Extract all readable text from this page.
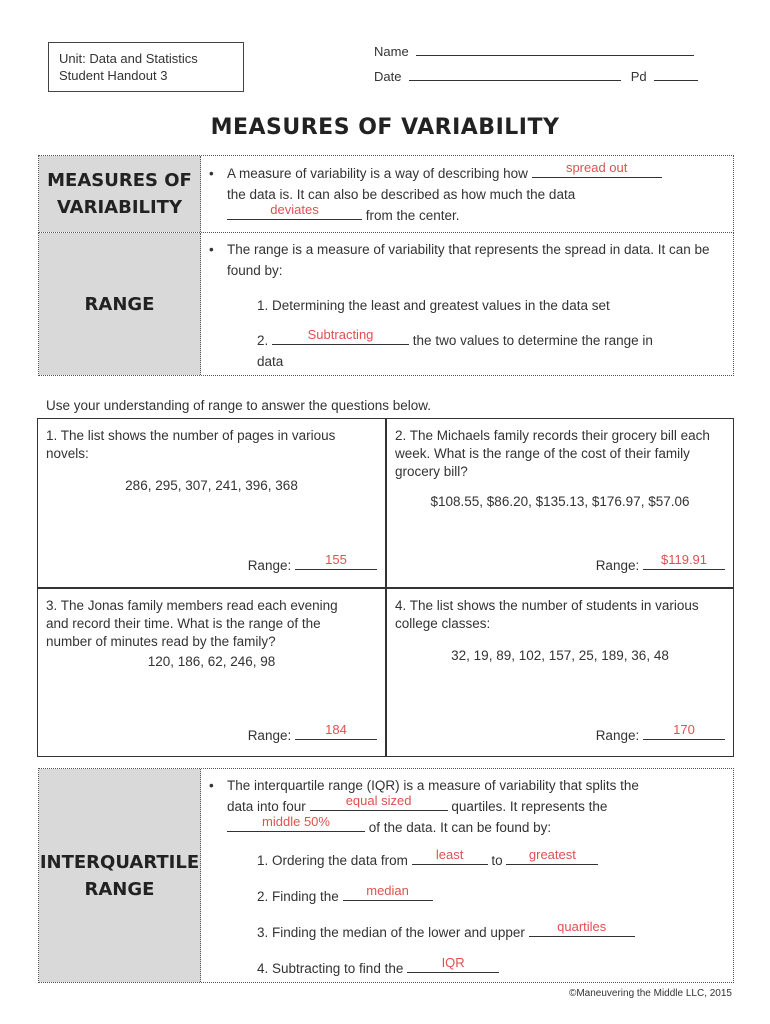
Unit: Data and Statistics
Student Handout 3
Name
Date	Pd
MEASURES OF VARIABILITY
MEASURES OF
VARIABILITY
• A measure of variability is a way of describing how	spread out

the data is. It can also be described as how much the data

deviates	from the center.
RANGE
• The range is a measure of variability that represents the spread in data. It can be found by:
1. Determining the least and greatest values in the data set
2.	Subtracting	the two values to determine the range in
data
Use your understanding of range to answer the questions below.
1. The list shows the number of pages in various novels:
286, 295, 307, 241, 396, 368
Range:	155
2. The Michaels family records their grocery bill each week. What is the range of the cost of their family grocery bill?
$108.55, $86.20, $135.13, $176.97, $57.06
Range:	$119.91
3. The Jonas family members read each evening and record their time. What is the range of the number of minutes read by the family?
120, 186, 62, 246, 98
Range:	184
4. The list shows the number of students in various college classes:
32, 19, 89, 102, 157, 25, 189, 36, 48
Range:	170
INTERQUARTILE
RANGE
• The interquartile range (IQR) is a measure of variability that splits the
data into four	equal sized	quartiles. It represents the

middle 50%	of the data. It can be found by:
1. Ordering the data from	least	to	greatest
2. Finding the	median
3. Finding the median of the lower and upper	quartiles
4. Subtracting to find the	IQR
©Maneuvering the Middle LLC, 2015
